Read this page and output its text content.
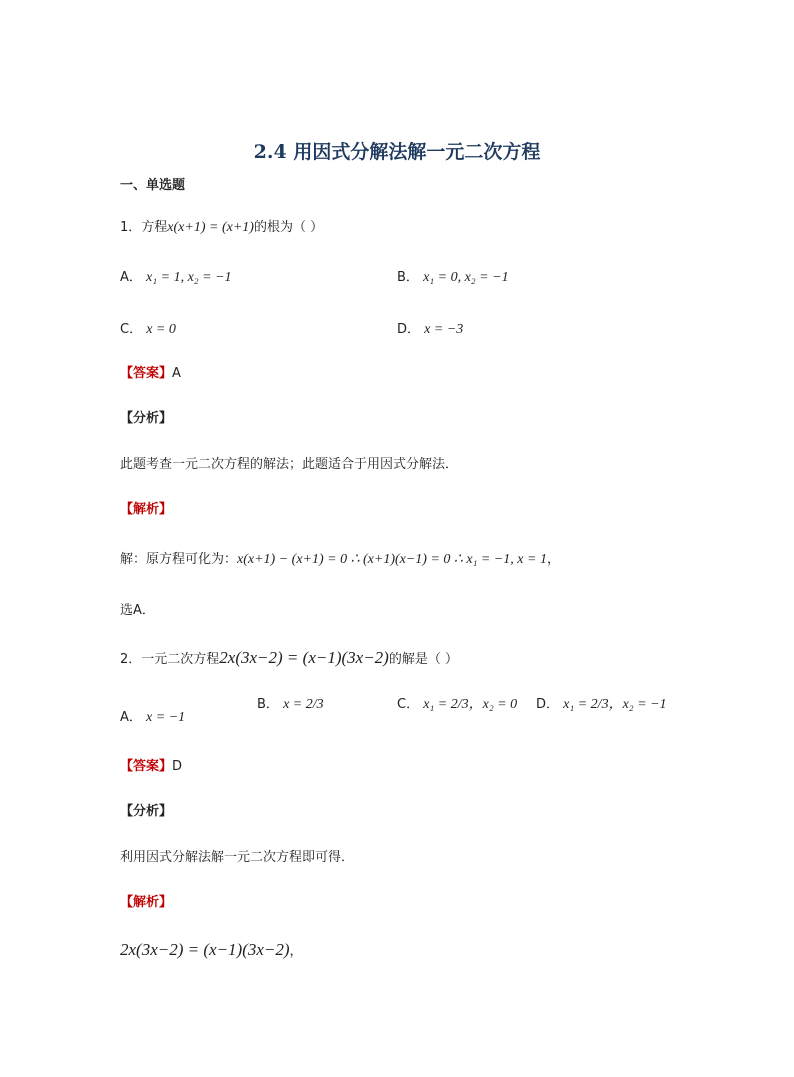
2.4 用因式分解法解一元二次方程
一、单选题
1．方程x(x+1) = (x+1)的根为（ ）
A． x₁ = 1, x₂ = −1	B． x₁ = 0, x₂ = −1
C． x = 0	D． x = −3
【答案】A
【分析】
此题考查一元二次方程的解法；此题适合于用因式分解法．
【解析】
解：原方程可化为：x(x+1) − (x+1) = 0 ∴ (x+1)(x−1) = 0 ∴ x₁ = −1, x = 1，
选A．
2．一元二次方程2x(3x−2) = (x−1)(3x−2)的解是（ ）
A． x = −1
B． x = 2/3	C． x₁ = 2/3，x₂ = 0 D． x₁ = 2/3，x₂ = −1
【答案】D
【分析】
利用因式分解法解一元二次方程即可得．
【解析】
2x(3x−2) = (x−1)(3x−2)，
